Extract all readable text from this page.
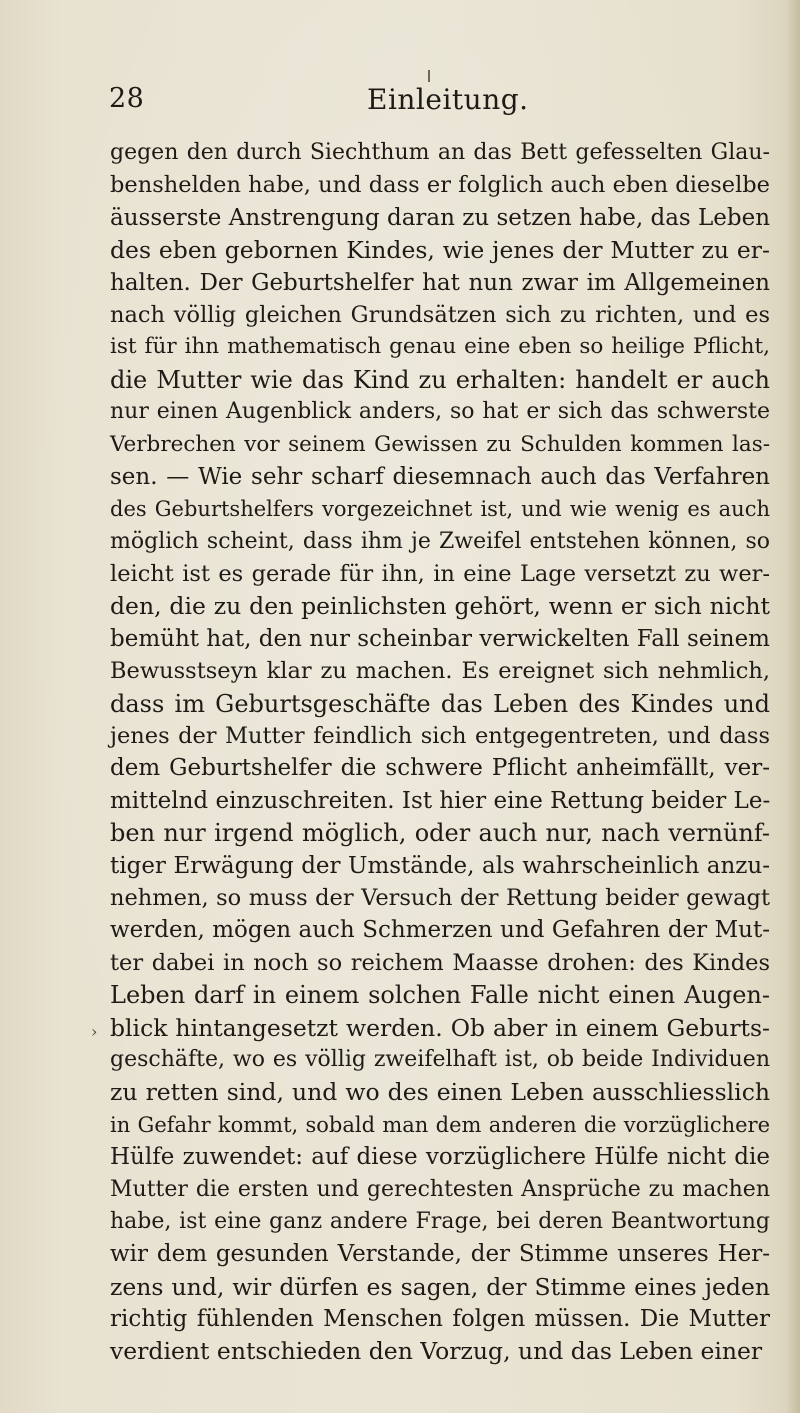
28	Einleitung.
›
gegen den durch Siechthum an das Bett gefesselten Glau-
benshelden habe, und dass er folglich auch eben dieselbe
äusserste Anstrengung daran zu setzen habe, das Leben
des eben gebornen Kindes, wie jenes der Mutter zu er-
halten. Der Geburtshelfer hat nun zwar im Allgemeinen
nach völlig gleichen Grundsätzen sich zu richten, und es
ist für ihn mathematisch genau eine eben so heilige Pflicht,
die Mutter wie das Kind zu erhalten: handelt er auch
nur einen Augenblick anders, so hat er sich das schwerste
Verbrechen vor seinem Gewissen zu Schulden kommen las-
sen. — Wie sehr scharf diesemnach auch das Verfahren
des Geburtshelfers vorgezeichnet ist, und wie wenig es auch
möglich scheint, dass ihm je Zweifel entstehen können, so
leicht ist es gerade für ihn, in eine Lage versetzt zu wer-
den, die zu den peinlichsten gehört, wenn er sich nicht
bemüht hat, den nur scheinbar verwickelten Fall seinem
Bewusstseyn klar zu machen. Es ereignet sich nehmlich,
dass im Geburtsgeschäfte das Leben des Kindes und
jenes der Mutter feindlich sich entgegentreten, und dass
dem Geburtshelfer die schwere Pflicht anheimfällt, ver-
mittelnd einzuschreiten. Ist hier eine Rettung beider Le-
ben nur irgend möglich, oder auch nur, nach vernünf-
tiger Erwägung der Umstände, als wahrscheinlich anzu-
nehmen, so muss der Versuch der Rettung beider gewagt
werden, mögen auch Schmerzen und Gefahren der Mut-
ter dabei in noch so reichem Maasse drohen: des Kindes
Leben darf in einem solchen Falle nicht einen Augen-
blick hintangesetzt werden. Ob aber in einem Geburts-
geschäfte, wo es völlig zweifelhaft ist, ob beide Individuen
zu retten sind, und wo des einen Leben ausschliesslich
in Gefahr kommt, sobald man dem anderen die vorzüglichere
Hülfe zuwendet: auf diese vorzüglichere Hülfe nicht die
Mutter die ersten und gerechtesten Ansprüche zu machen
habe, ist eine ganz andere Frage, bei deren Beantwortung
wir dem gesunden Verstande, der Stimme unseres Her-
zens und, wir dürfen es sagen, der Stimme eines jeden
richtig fühlenden Menschen folgen müssen. Die Mutter
verdient entschieden den Vorzug, und das Leben einer
